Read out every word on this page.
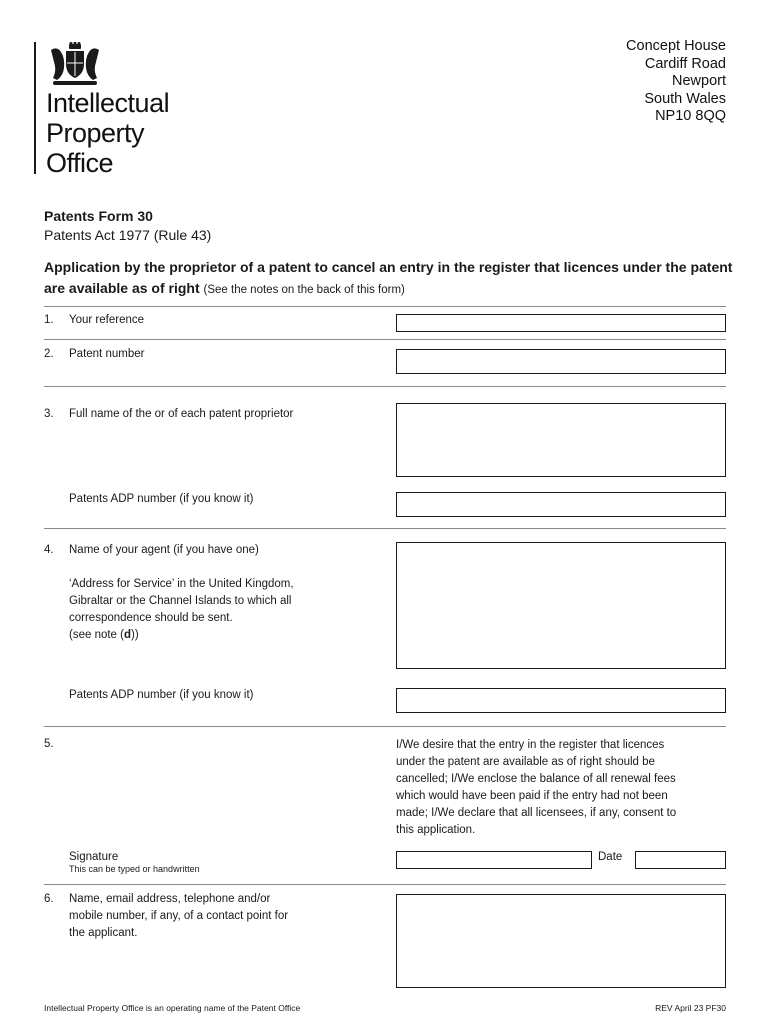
Intellectual
Property
Office
Concept House
Cardiff Road
Newport
South Wales
NP10 8QQ
Patents Form 30
Patents Act 1977 (Rule 43)
Application by the proprietor of a patent to cancel an entry in the register that licences under the patent are available as of right (See the notes on the back of this form)
1. Your reference
2. Patent number
3. Full name of the or of each patent proprietor
Patents ADP number (if you know it)
4. Name of your agent (if you have one)
‘Address for Service’ in the United Kingdom,
Gibraltar or the Channel Islands to which all
correspondence should be sent.
(see note (d))
Patents ADP number (if you know it)
5.	I/We desire that the entry in the register that licences
under the patent are available as of right should be
cancelled; I/We enclose the balance of all renewal fees
which would have been paid if the entry had not been
made; I/We declare that all licensees, if any, consent to
this application.
Signature
This can be typed or handwritten
Date
6. Name, email address, telephone and/or
mobile number, if any, of a contact point for
the applicant.
Intellectual Property Office is an operating name of the Patent Office	REV April 23 PF30
